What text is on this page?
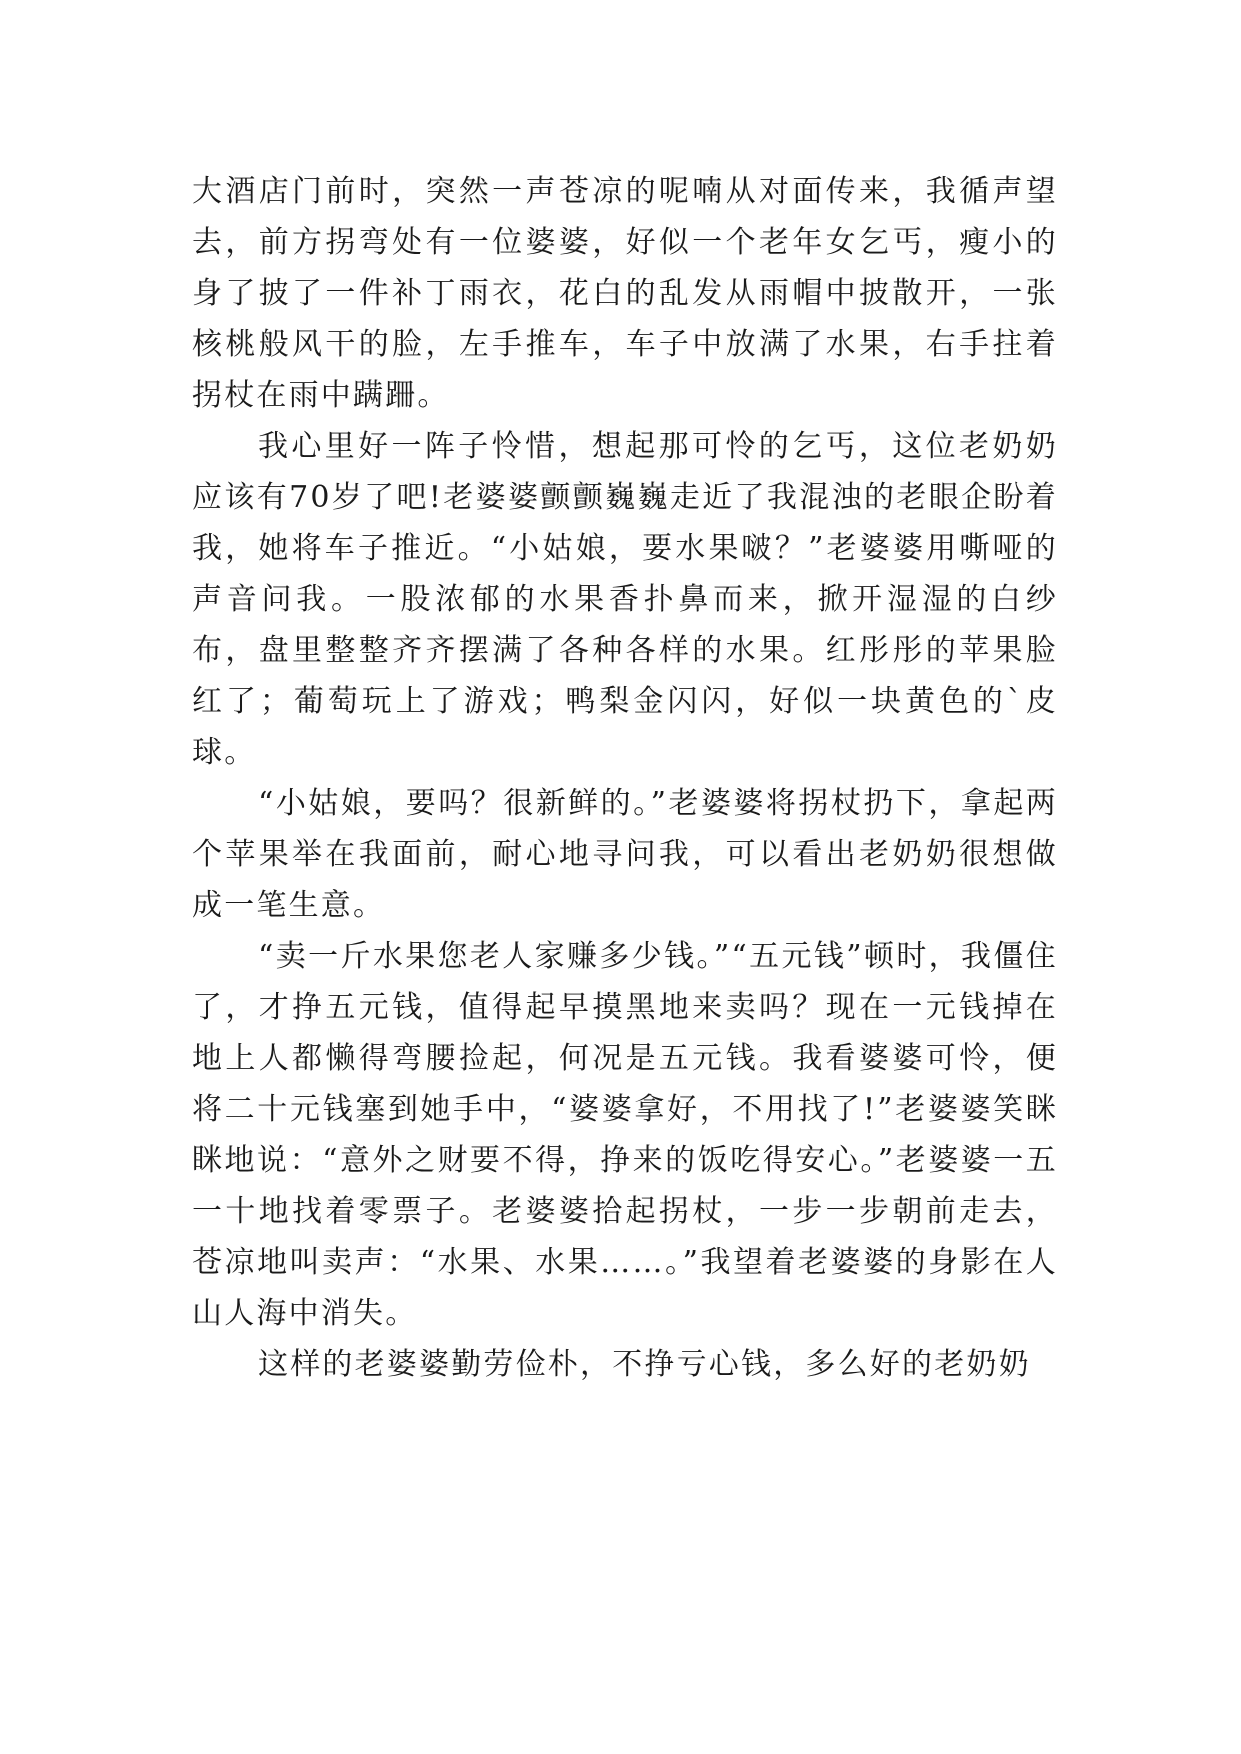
大酒店门前时，突然一声苍凉的呢喃从对面传来，我循声望去，前方拐弯处有一位婆婆，好似一个老年女乞丐，瘦小的身了披了一件补丁雨衣，花白的乱发从雨帽中披散开，一张核桃般风干的脸，左手推车，车子中放满了水果，右手拄着拐杖在雨中蹒跚。

我心里好一阵子怜惜，想起那可怜的乞丐，这位老奶奶应该有70岁了吧!老婆婆颤颤巍巍走近了我混浊的老眼企盼着我，她将车子推近。“小姑娘，要水果啵？”老婆婆用嘶哑的声音问我。一股浓郁的水果香扑鼻而来，掀开湿湿的白纱布，盘里整整齐齐摆满了各种各样的水果。红彤彤的苹果脸红了；葡萄玩上了游戏；鸭梨金闪闪，好似一块黄色的`皮球。

“小姑娘，要吗？很新鲜的。”老婆婆将拐杖扔下，拿起两个苹果举在我面前，耐心地寻问我，可以看出老奶奶很想做成一笔生意。

“卖一斤水果您老人家赚多少钱。”“五元钱”顿时，我僵住了，才挣五元钱，值得起早摸黑地来卖吗？现在一元钱掉在地上人都懒得弯腰捡起，何况是五元钱。我看婆婆可怜，便将二十元钱塞到她手中，“婆婆拿好，不用找了!”老婆婆笑眯眯地说：“意外之财要不得，挣来的饭吃得安心。”老婆婆一五一十地找着零票子。老婆婆拾起拐杖，一步一步朝前走去，苍凉地叫卖声：“水果、水果……。”我望着老婆婆的身影在人山人海中消失。

这样的老婆婆勤劳俭朴，不挣亏心钱，多么好的老奶奶
